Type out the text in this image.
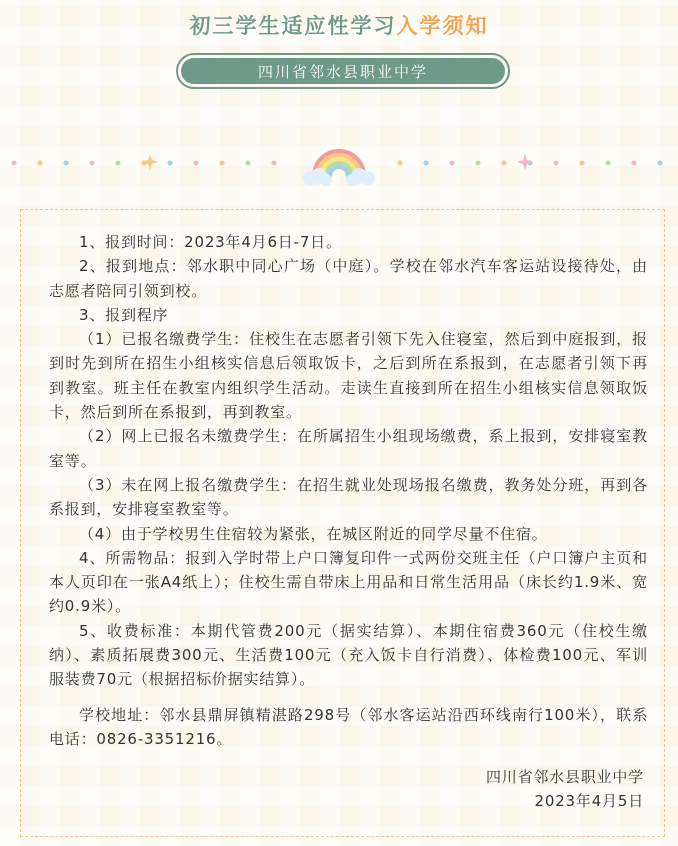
初三学生适应性学习入学须知
四川省邻水县职业中学

1、报到时间：2023年4月6日-7日。

2、报到地点：邻水职中同心广场（中庭）。学校在邻水汽车客运站设接待处，由志愿者陪同引领到校。

3、报到程序

（1）已报名缴费学生：住校生在志愿者引领下先入住寝室，然后到中庭报到，报到时先到所在招生小组核实信息后领取饭卡，之后到所在系报到，在志愿者引领下再到教室。班主任在教室内组织学生活动。走读生直接到所在招生小组核实信息领取饭卡，然后到所在系报到，再到教室。

（2）网上已报名未缴费学生：在所属招生小组现场缴费，系上报到，安排寝室教室等。

（3）未在网上报名缴费学生：在招生就业处现场报名缴费，教务处分班，再到各系报到，安排寝室教室等。

（4）由于学校男生住宿较为紧张，在城区附近的同学尽量不住宿。

4、所需物品：报到入学时带上户口簿复印件一式两份交班主任（户口簿户主页和本人页印在一张A4纸上）；住校生需自带床上用品和日常生活用品（床长约1.9米、宽约0.9米）。

5、收费标准：本期代管费200元（据实结算）、本期住宿费360元（住校生缴纳）、素质拓展费300元、生活费100元（充入饭卡自行消费）、体检费100元、军训服装费70元（根据招标价据实结算）。

学校地址：邻水县鼎屏镇精湛路298号（邻水客运站沿西环线南行100米），联系电话：0826-3351216。

四川省邻水县职业中学
2023年4月5日
